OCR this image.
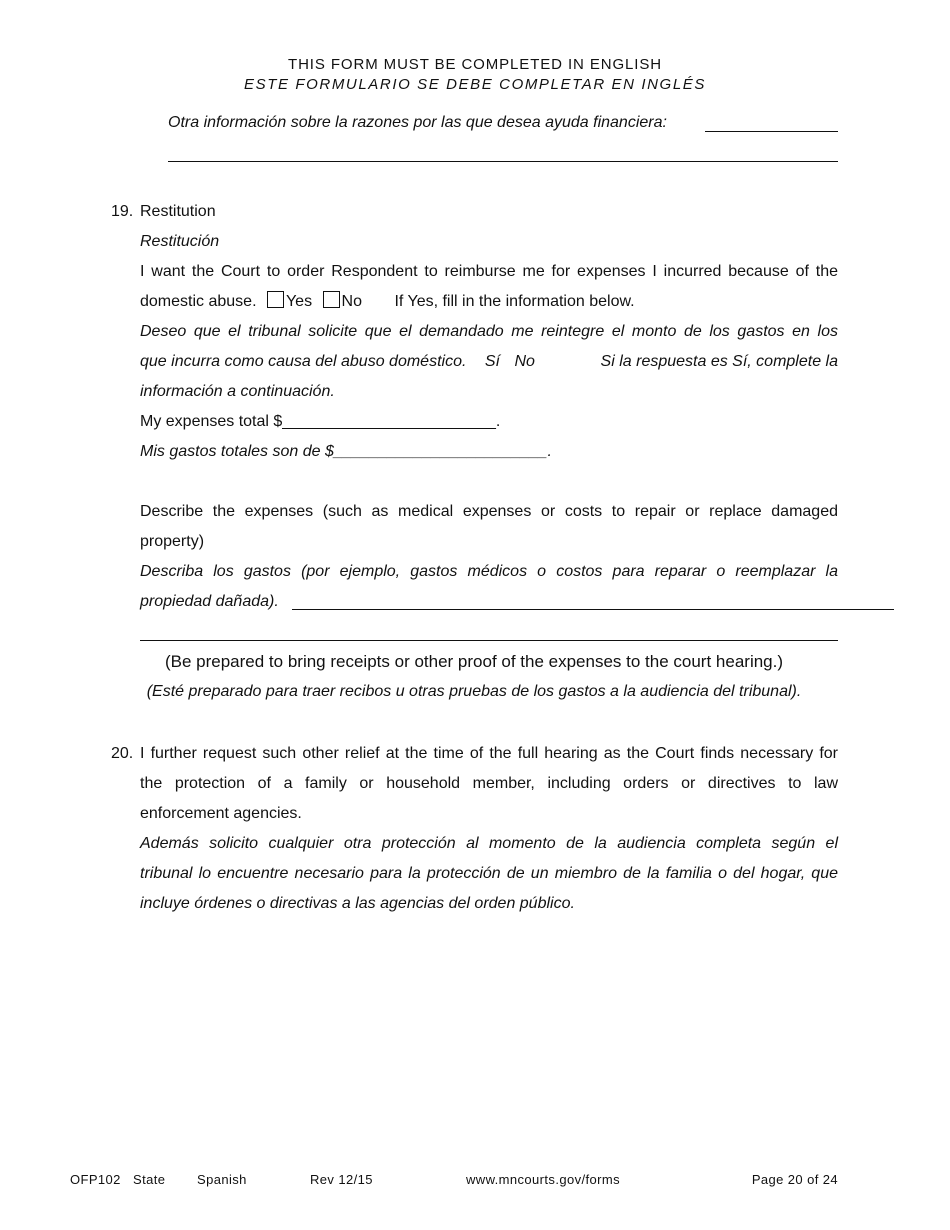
THIS FORM MUST BE COMPLETED IN ENGLISH
ESTE FORMULARIO SE DEBE COMPLETAR EN INGLÉS
Otra información sobre la razones por las que desea ayuda financiera:
19. Restitution
Restitución
I want the Court to order Respondent to reimburse me for expenses I incurred because of the
domestic abuse. Yes No If Yes, fill in the information below.
Deseo que el tribunal solicite que el demandado me reintegre el monto de los gastos en los
que incurra como causa del abuso doméstico. Sí No	Si la respuesta es Sí, complete la
información a continuación.
My expenses total $________________________.
Mis gastos totales son de $________________________.
Describe the expenses (such as medical expenses or costs to repair or replace damaged
property)
Describa los gastos (por ejemplo, gastos médicos o costos para reparar o reemplazar la
propiedad dañada).
(Be prepared to bring receipts or other proof of the expenses to the court hearing.)
(Esté preparado para traer recibos u otras pruebas de los gastos a la audiencia del tribunal).
20. I further request such other relief at the time of the full hearing as the Court finds necessary for
the protection of a family or household member, including orders or directives to law
enforcement agencies.
Además solicito cualquier otra protección al momento de la audiencia completa según el
tribunal lo encuentre necesario para la protección de un miembro de la familia o del hogar, que
incluye órdenes o directivas a las agencias del orden público.
OFP102 State Spanish	Rev 12/15	www.mncourts.gov/forms	Page 20 of 24
